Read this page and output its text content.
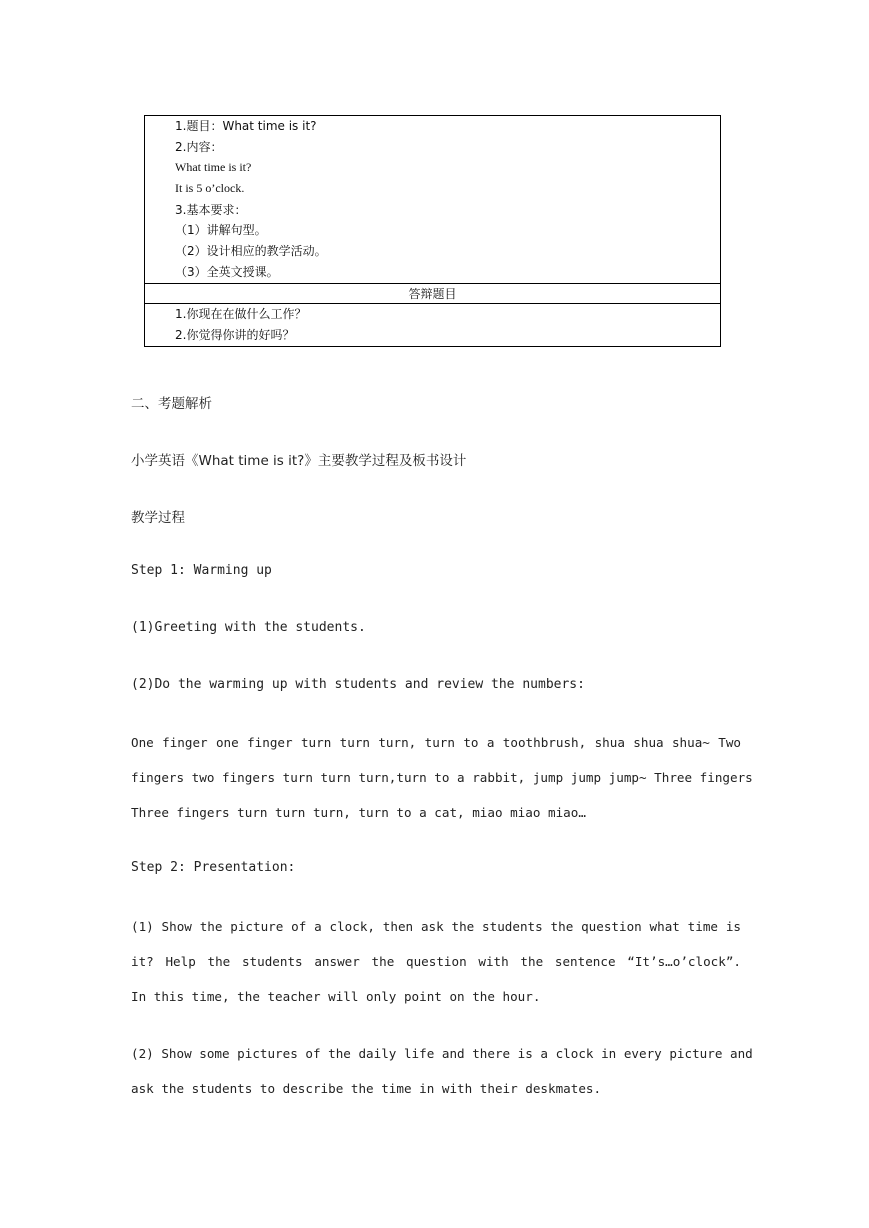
1.题目：What time is it?
2.内容：
What time is it?
It is 5 o’clock.
3.基本要求：
（1）讲解句型。
（2）设计相应的教学活动。
（3）全英文授课。
答辩题目
1.你现在在做什么工作？
2.你觉得你讲的好吗？
二、考题解析
小学英语《What time is it?》主要教学过程及板书设计
教学过程
Step 1: Warming up
(1)Greeting with the students.
(2)Do the warming up with students and review the numbers:
One finger one finger turn turn turn, turn to a toothbrush, shua shua shua~ Two
fingers two fingers turn turn turn,turn to a rabbit, jump jump jump~ Three fingers
Three fingers turn turn turn, turn to a cat, miao miao miao…
Step 2: Presentation:
(1) Show the picture of a clock, then ask the students the question what time is
it? Help the students answer the question with the sentence “It’s…o’clock”.
In this time, the teacher will only point on the hour.
(2) Show some pictures of the daily life and there is a clock in every picture and
ask the students to describe the time in with their deskmates.
